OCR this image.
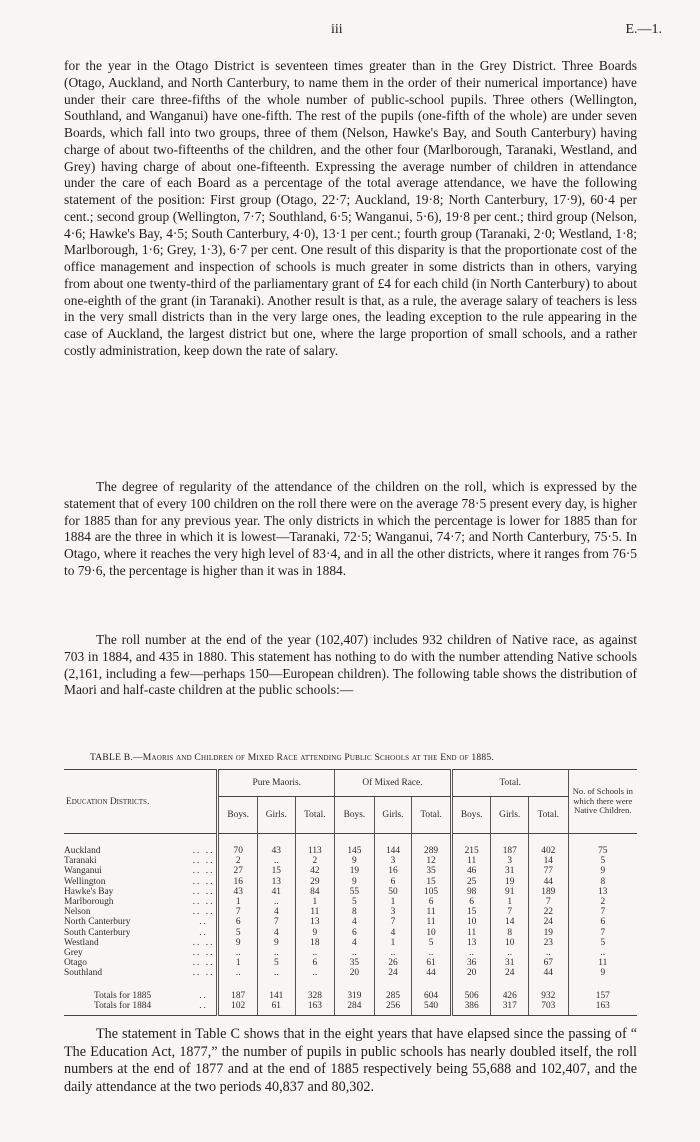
iii	E.—1.
for the year in the Otago District is seventeen times greater than in the Grey District. Three Boards (Otago, Auckland, and North Canterbury, to name them in the order of their numerical importance) have under their care three-fifths of the whole number of public-school pupils. Three others (Wellington, Southland, and Wanganui) have one-fifth. The rest of the pupils (one-fifth of the whole) are under seven Boards, which fall into two groups, three of them (Nelson, Hawke's Bay, and South Canterbury) having charge of about two-fifteenths of the children, and the other four (Marlborough, Taranaki, Westland, and Grey) having charge of about one-fifteenth. Expressing the average number of children in attendance under the care of each Board as a percentage of the total average attendance, we have the following statement of the position: First group (Otago, 22·7; Auckland, 19·8; North Canterbury, 17·9), 60·4 per cent.; second group (Wellington, 7·7; Southland, 6·5; Wanganui, 5·6), 19·8 per cent.; third group (Nelson, 4·6; Hawke's Bay, 4·5; South Canterbury, 4·0), 13·1 per cent.; fourth group (Taranaki, 2·0; Westland, 1·8; Marlborough, 1·6; Grey, 1·3), 6·7 per cent. One result of this disparity is that the proportionate cost of the office management and inspection of schools is much greater in some districts than in others, varying from about one twenty-third of the parliamentary grant of £4 for each child (in North Canterbury) to about one-eighth of the grant (in Taranaki). Another result is that, as a rule, the average salary of teachers is less in the very small districts than in the very large ones, the leading exception to the rule appearing in the case of Auckland, the largest district but one, where the large proportion of small schools, and a rather costly administration, keep down the rate of salary.
The degree of regularity of the attendance of the children on the roll, which is expressed by the statement that of every 100 children on the roll there were on the average 78·5 present every day, is higher for 1885 than for any previous year. The only districts in which the percentage is lower for 1885 than for 1884 are the three in which it is lowest—Taranaki, 72·5; Wanganui, 74·7; and North Canterbury, 75·5. In Otago, where it reaches the very high level of 83·4, and in all the other districts, where it ranges from 76·5 to 79·6, the percentage is higher than it was in 1884.
The roll number at the end of the year (102,407) includes 932 children of Native race, as against 703 in 1884, and 435 in 1880. This statement has nothing to do with the number attending Native schools (2,161, including a few—perhaps 150—European children). The following table shows the distribution of Maori and half-caste children at the public schools:—
TABLE B.—Maoris and Children of Mixed Race attending Public Schools at the End of 1885.
Education Districts.		Pure Maoris.			Of Mixed Race.			Total.			No. of Schools in which there were Native Children.
		Boys.	Girls.	Total.	Boys.	Girls.	Total.	Boys.	Girls.	Total.	
Auckland	.. ..	70	43	113	145	144	289	215	187	402	75
Taranaki	.. ..	2	..	2	9	3	12	11	3	14	5
Wanganui	.. ..	27	15	42	19	16	35	46	31	77	9
Wellington	.. ..	16	13	29	9	6	15	25	19	44	8
Hawke's Bay	.. ..	43	41	84	55	50	105	98	91	189	13
Marlborough	.. ..	1	..	1	5	1	6	6	1	7	2
Nelson	.. ..	7	4	11	8	3	11	15	7	22	7
North Canterbury	..	6	7	13	4	7	11	10	14	24	6
South Canterbury	..	5	4	9	6	4	10	11	8	19	7
Westland	.. ..	9	9	18	4	1	5	13	10	23	5
Grey	.. ..	..	..	..	..	..	..	..	..	..	..
Otago	.. ..	1	5	6	35	26	61	36	31	67	11
Southland	.. ..	..	..	..	20	24	44	20	24	44	9
Totals for 1885	..	187	141	328	319	285	604	506	426	932	157
Totals for 1884	..	102	61	163	284	256	540	386	317	703	163
The statement in Table C shows that in the eight years that have elapsed since the passing of “ The Education Act, 1877,” the number of pupils in public schools has nearly doubled itself, the roll numbers at the end of 1877 and at the end of 1885 respectively being 55,688 and 102,407, and the daily attendance at the two periods 40,837 and 80,302.
